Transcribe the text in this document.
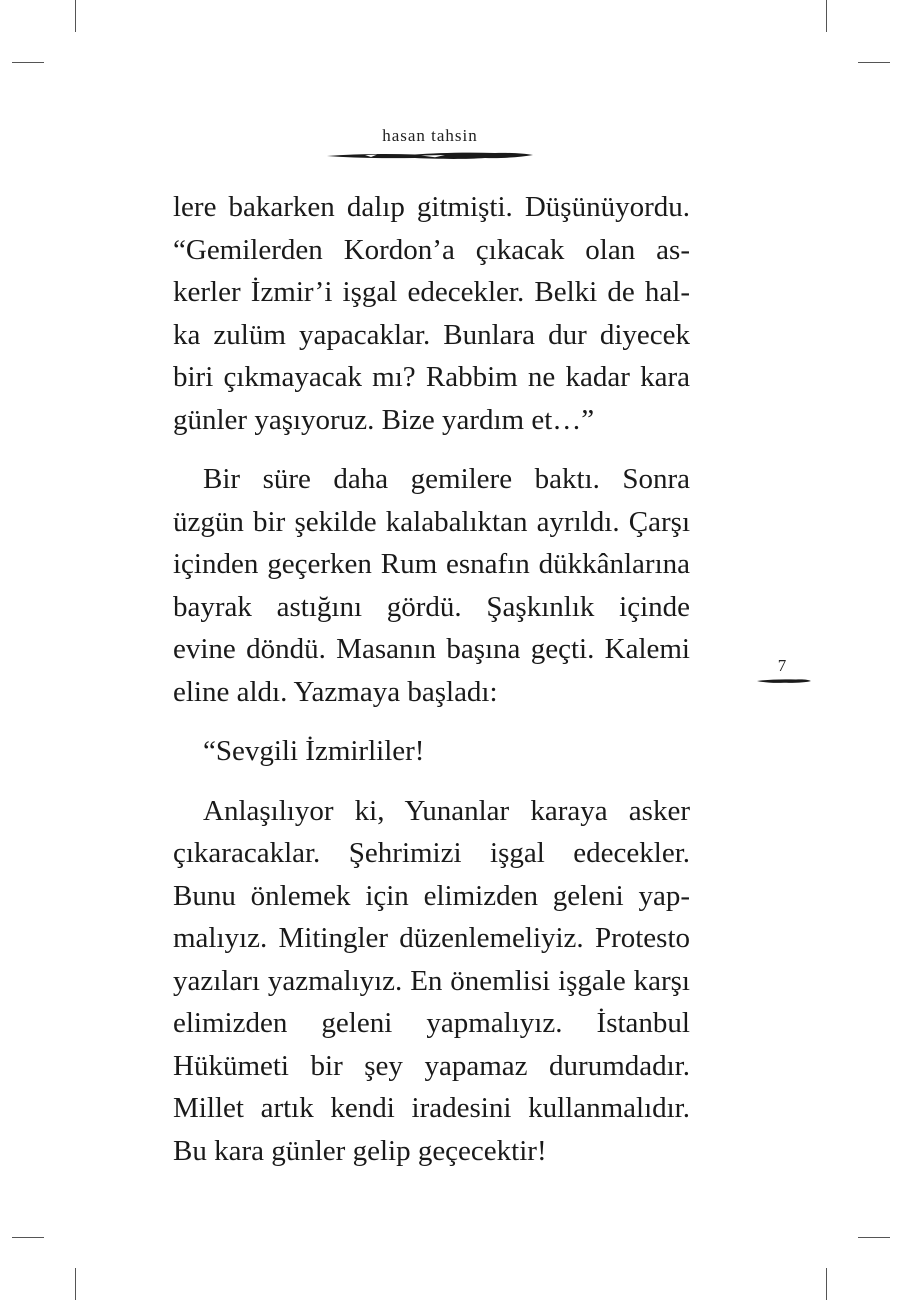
hasan tahsin

lere bakarken dalıp gitmişti. Düşünüyordu. “Gemilerden Kordon’a çıkacak olan askerler İzmir’i işgal edecekler. Belki de halka zulüm yapacaklar. Bunlara dur diyecek biri çıkmayacak mı? Rabbim ne kadar kara günler yaşıyoruz. Bize yardım et…”

Bir süre daha gemilere baktı. Sonra üzgün bir şekilde kalabalıktan ayrıldı. Çarşı içinden geçerken Rum esnafın dükkânlarına bayrak astığını gördü. Şaşkınlık içinde evine döndü. Masanın başına geçti. Kalemi eline aldı. Yazmaya başladı:

“Sevgili İzmirliler!

Anlaşılıyor ki, Yunanlar karaya asker çıkaracaklar. Şehrimizi işgal edecekler. Bunu önlemek için elimizden geleni yapmalıyız. Mitingler düzenlemeliyiz. Protesto yazıları yazmalıyız. En önemlisi işgale karşı elimizden geleni yapmalıyız. İstanbul Hükümeti bir şey yapamaz durumdadır. Millet artık kendi iradesini kullanmalıdır. Bu kara günler gelip geçecektir!

7
